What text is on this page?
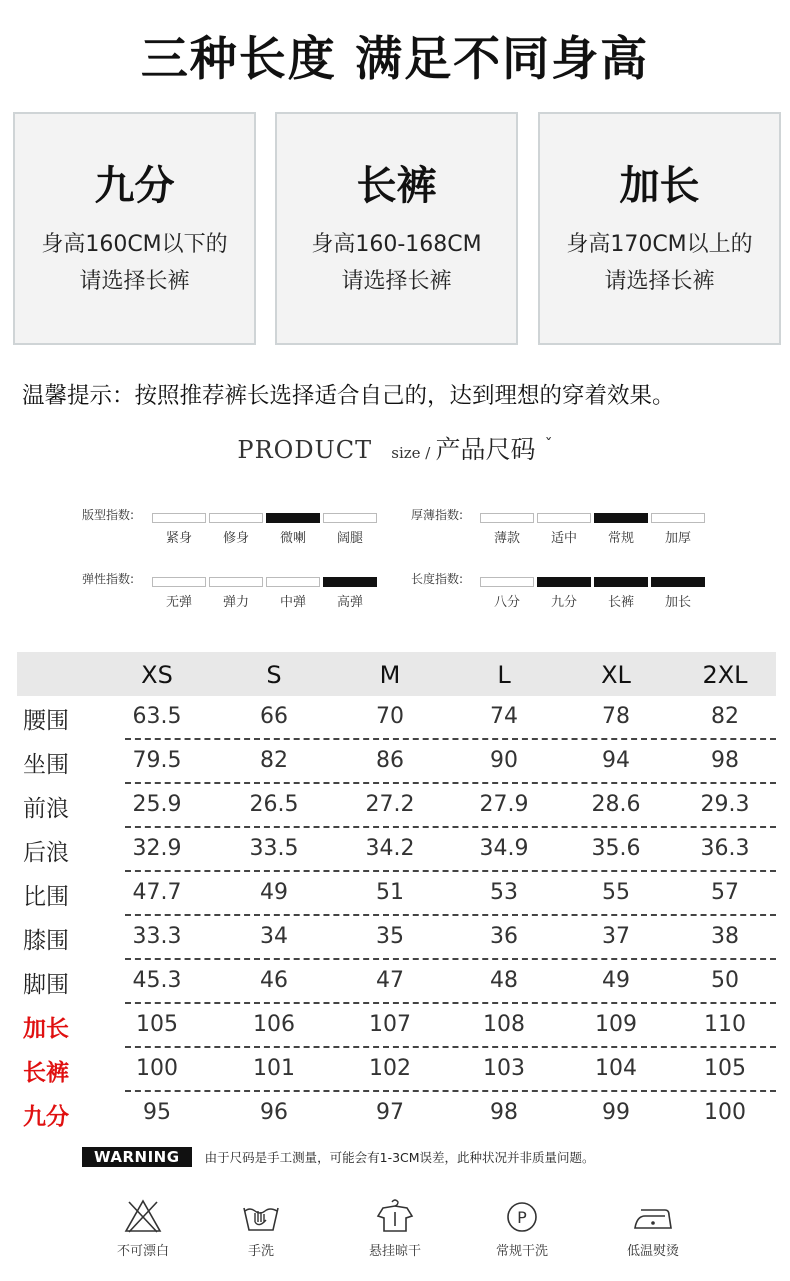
三种长度 满足不同身高
九分
身高160CM以下的
请选择长裤
长裤
身高160-168CM
请选择长裤
加长
身高170CM以上的
请选择长裤
温馨提示：按照推荐裤长选择适合自己的，达到理想的穿着效果。
PRODUCT size / 产品尺码 ˇ
版型指数:
紧身	修身	微喇	阔腿
厚薄指数:
薄款	适中	常规	加厚
弹性指数:
无弹	弹力	中弹	高弹
长度指数:
八分	九分	长裤	加长
XS	S	M	L	XL	2XL
腰围	63.5	66	70	74	78	82
坐围	79.5	82	86	90	94	98
前浪	25.9	26.5	27.2	27.9	28.6	29.3
后浪	32.9	33.5	34.2	34.9	35.6	36.3
比围	47.7	49	51	53	55	57
膝围	33.3	34	35	36	37	38
脚围	45.3	46	47	48	49	50
加长	105	106	107	108	109	110
长裤	100	101	102	103	104	105
九分	95	96	97	98	99	100
WARNING 由于尺码是手工测量，可能会有1-3CM误差，此种状况并非质量问题。
不可漂白	手洗	悬挂晾干
P
常规干洗	低温熨烫
